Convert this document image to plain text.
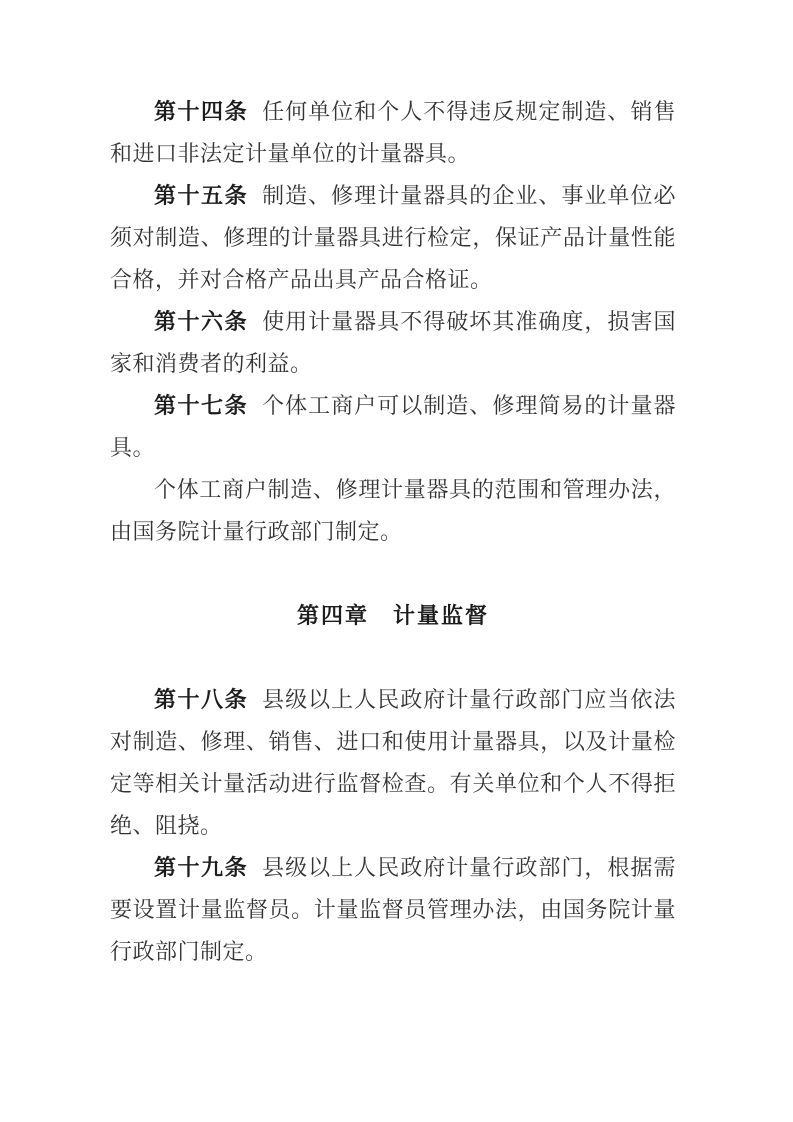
第十四条 任何单位和个人不得违反规定制造、销售和进口非法定计量单位的计量器具。

第十五条 制造、修理计量器具的企业、事业单位必须对制造、修理的计量器具进行检定，保证产品计量性能合格，并对合格产品出具产品合格证。

第十六条 使用计量器具不得破坏其准确度，损害国家和消费者的利益。

第十七条 个体工商户可以制造、修理简易的计量器具。

个体工商户制造、修理计量器具的范围和管理办法，由国务院计量行政部门制定。

第四章　计量监督

第十八条 县级以上人民政府计量行政部门应当依法对制造、修理、销售、进口和使用计量器具，以及计量检定等相关计量活动进行监督检查。有关单位和个人不得拒绝、阻挠。

第十九条 县级以上人民政府计量行政部门，根据需要设置计量监督员。计量监督员管理办法，由国务院计量行政部门制定。
